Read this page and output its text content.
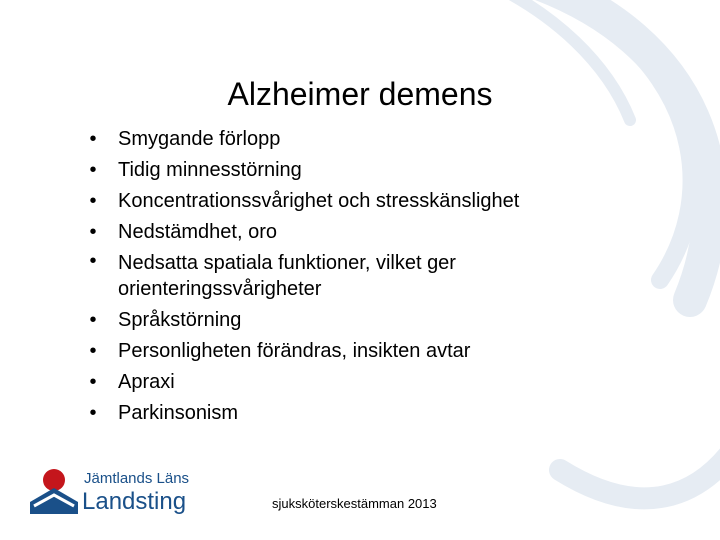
Alzheimer demens
• Smygande förlopp
• Tidig minnesstörning
• Koncentrationssvårighet och stresskänslighet
• Nedstämdhet, oro
• Nedsatta spatiala funktioner, vilket ger orienteringssvårigheter
• Språkstörning
• Personligheten förändras, insikten avtar
• Apraxi
• Parkinsonism
Jämtlands Läns
Landsting	sjuksköterskestämman 2013
